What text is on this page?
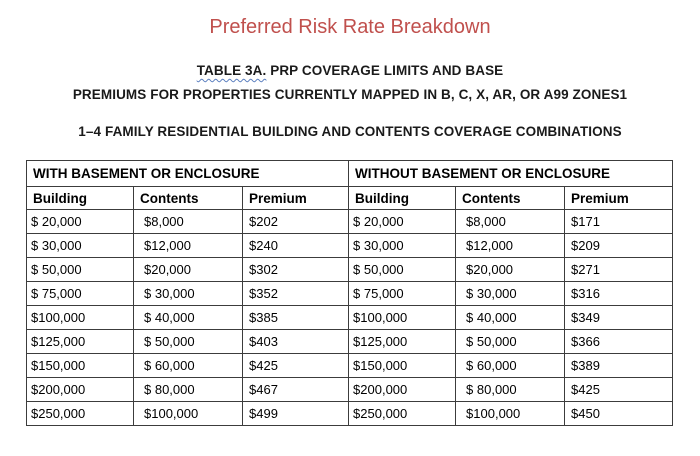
Preferred Risk Rate Breakdown
TABLE 3A. PRP COVERAGE LIMITS AND BASE
PREMIUMS FOR PROPERTIES CURRENTLY MAPPED IN B, C, X, AR, OR A99 ZONES1
1–4 FAMILY RESIDENTIAL BUILDING AND CONTENTS COVERAGE COMBINATIONS
WITH BASEMENT OR ENCLOSURE			WITHOUT BASEMENT OR ENCLOSURE		
Building	Contents	Premium	Building	Contents	Premium
$ 20,000	$8,000	$202	$ 20,000	$8,000	$171
$ 30,000	$12,000	$240	$ 30,000	$12,000	$209
$ 50,000	$20,000	$302	$ 50,000	$20,000	$271
$ 75,000	$ 30,000	$352	$ 75,000	$ 30,000	$316
$100,000	$ 40,000	$385	$100,000	$ 40,000	$349
$125,000	$ 50,000	$403	$125,000	$ 50,000	$366
$150,000	$ 60,000	$425	$150,000	$ 60,000	$389
$200,000	$ 80,000	$467	$200,000	$ 80,000	$425
$250,000	$100,000	$499	$250,000	$100,000	$450
